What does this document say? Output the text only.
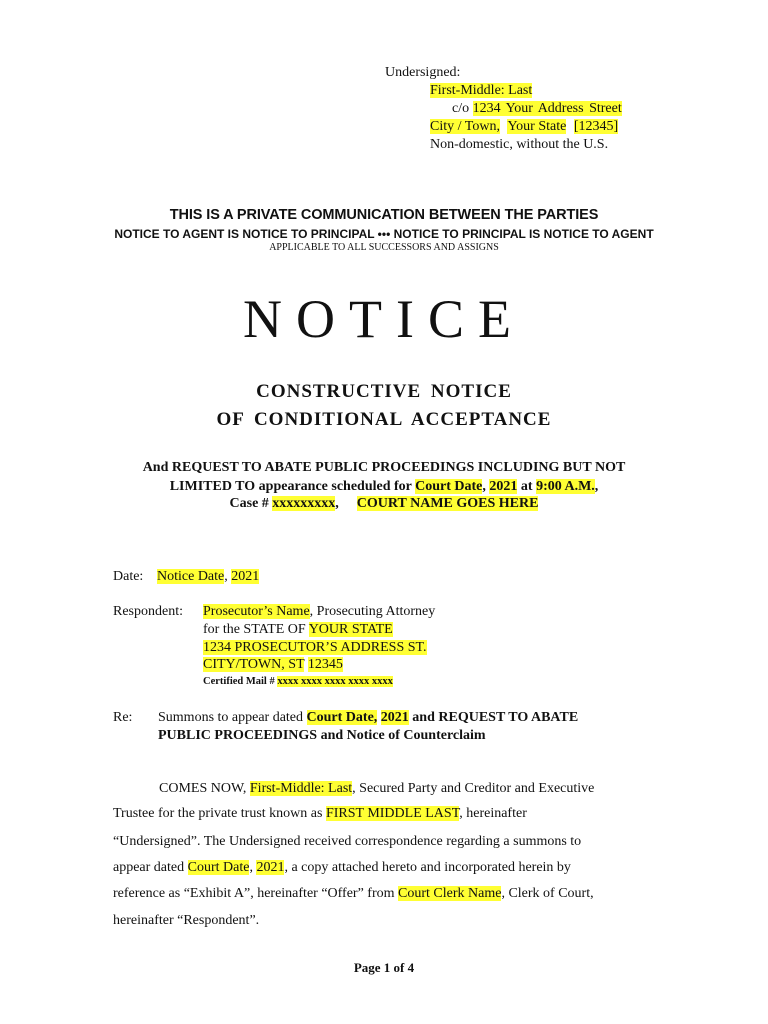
Undersigned:
First-Middle: Last
c/o 1234 Your Address Street
City / Town, Your State [12345]
Non-domestic, without the U.S.
THIS IS A PRIVATE COMMUNICATION BETWEEN THE PARTIES
NOTICE TO AGENT IS NOTICE TO PRINCIPAL ••• NOTICE TO PRINCIPAL IS NOTICE TO AGENT
APPLICABLE TO ALL SUCCESSORS AND ASSIGNS
NOTICE
CONSTRUCTIVE NOTICE
OF CONDITIONAL ACCEPTANCE
And REQUEST TO ABATE PUBLIC PROCEEDINGS INCLUDING BUT NOT
LIMITED TO appearance scheduled for Court Date, 2021 at 9:00 A.M.,
Case # xxxxxxxxx, COURT NAME GOES HERE
Date: Notice Date, 2021
Respondent: Prosecutor’s Name, Prosecuting Attorney
for the STATE OF YOUR STATE
1234 PROSECUTOR’S ADDRESS ST.
CITY/TOWN, ST 12345
Certified Mail # xxxx xxxx xxxx xxxx xxxx
Re: Summons to appear dated Court Date, 2021 and REQUEST TO ABATE
PUBLIC PROCEEDINGS and Notice of Counterclaim
COMES NOW, First-Middle: Last, Secured Party and Creditor and Executive
Trustee for the private trust known as FIRST MIDDLE LAST, hereinafter
“Undersigned”. The Undersigned received correspondence regarding a summons to
appear dated Court Date, 2021, a copy attached hereto and incorporated herein by
reference as “Exhibit A”, hereinafter “Offer” from Court Clerk Name, Clerk of Court,
hereinafter “Respondent”.
Page 1 of 4
